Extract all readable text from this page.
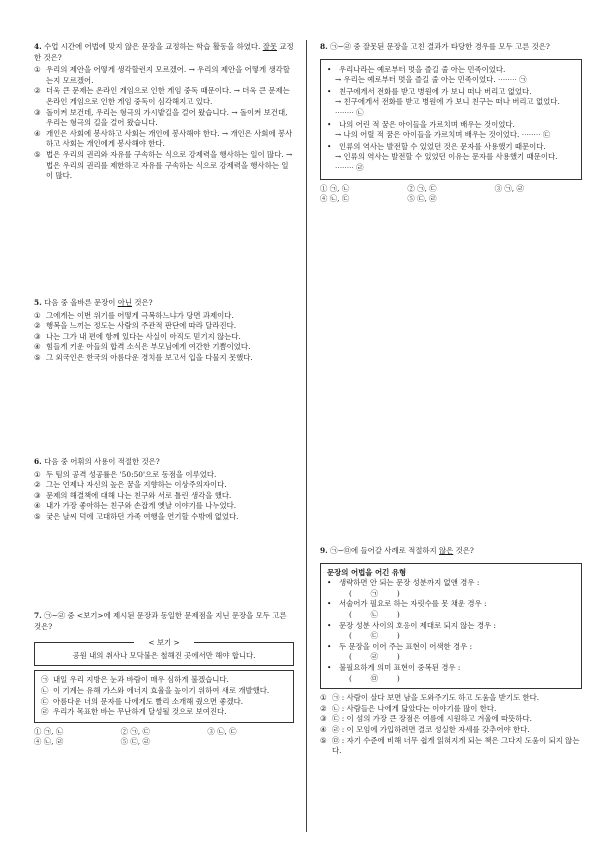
4. 수업 시간에 어법에 맞지 않은 문장을 교정하는 학습 활동을 하였다. 잘못 교정한 것은?

① 우리의 제안을 어떻게 생각할런지 모르겠어. → 우리의 제안을 어떻게 생각할는지 모르겠어.
② 더욱 큰 문제는 온라인 게임으로 인한 게임 중독 때문이다. → 더욱 큰 문제는 온라인 게임으로 인한 게임 중독이 심각해지고 있다.
③ 돌이켜 보건데, 우리는 형극의 가시밭길을 걸어 왔습니다. → 돌이켜 보건대, 우리는 형극의 길을 걸어 왔습니다.
④ 개인은 사회에 봉사하고 사회는 개인에 봉사해야 한다. → 개인은 사회에 봉사하고 사회는 개인에게 봉사해야 한다.
⑤ 법은 우리의 권리와 자유를 구속하는 식으로 강제력을 행사하는 일이 많다. → 법은 우리의 권리를 제한하고 자유를 구속하는 식으로 강제력을 행사하는 일이 많다.

5. 다음 중 올바른 문장이 아닌 것은?

① 그에게는 이번 위기를 어떻게 극복하느냐가 당면 과제이다.
② 행복을 느끼는 정도는 사람의 주관적 판단에 따라 달라진다.
③ 나는 그가 내 편에 항께 있다는 사실이 아직도 믿기지 않는다.
④ 힘들게 키운 아들의 합격 소식은 부모님에게 여간한 기쁨이었다.
⑤ 그 외국인은 한국의 아름다운 경치를 보고서 입을 다물지 못했다.

6. 다음 중 어휘의 사용이 적절한 것은?

① 두 팀의 공격 성공률은 '50:50'으로 동점을 이루었다.
② 그는 언제나 자신의 높은 꿈을 지향하는 이상주의자이다.
③ 문제의 해결책에 대해 나는 친구와 서로 틀린 생각을 했다.
④ 내가 가장 좋아하는 친구와 손잡게 옛날 이야기를 나누었다.
⑤ 궂은 날씨 덕에 고대하던 가족 여행을 연기할 수밖에 없었다.

7. ㉠~㉣ 중 <보기>에 제시된 문장과 동일한 문제점을 지닌 문장을 모두 고른 것은?

< 보기 >
공원 내의 취사나 모닥불은 철해진 곳에서만 해야 합니다.
㉠ 내일 우리 지방은 눈과 바람이 매우 심하게 불겠습니다.
㉡ 이 기계는 유해 가스와 에너지 효율을 높이기 위하여 새로 개발했다.
㉢ 아름다운 너의 문자를 나에게도 빨리 소개해 줬으면 좋겠다.
㉣ 우리가 목표한 바는 무난하게 달성될 것으로 보여진다.
① ㉠, ㉡	② ㉠, ㉢	③ ㉡, ㉢
④ ㉡, ㉣	⑤ ㉢, ㉣

8. ㉠~㉣ 중 잘못된 문장을 고친 결과가 타당한 경우를 모두 고른 것은?

•	우리나라는 예로부터 멋을 즐길 줄 아는 민족이었다.
→ 우리는 예로부터 멋을 즐길 줄 아는 민족이었다. ········ ㉠
•	친구에게서 전화를 받고 병원에 가 보니 떠나 버리고 없었다.
→ 친구에게서 전화를 받고 병원에 가 보니 친구는 떠나 버리고 없었다. ········ ㉡
•	나의 어린 적 꿈은 아이들을 가르치며 배우는 것이었다.
→ 나의 어릴 적 꿈은 아이들을 가르치며 배우는 것이었다. ········ ㉢
•	인류의 역사는 발전할 수 있었던 것은 문자를 사용했기 때문이다.
→ 인류의 역사는 발전할 수 있었던 이유는 문자를 사용했기 때문이다. ········ ㉣
① ㉠, ㉡	② ㉠, ㉢	③ ㉠, ㉣
④ ㉡, ㉢	⑤ ㉢, ㉣

9. ㉠~㉤에 들어갈 사례로 적절하지 않은 것은?

문장의 어법을 어긴 유형
•	생략하면 안 되는 문장 성분까지 없앤 경우 :
(        ㉠        )
•	서술어가 필요로 하는 자릿수를 못 채운 경우 :
(        ㉡        )
•	문장 성분 사이의 호응이 제대로 되지 않는 경우 :
(        ㉢        )
•	두 문장을 이어 주는 표현이 어색한 경우 :
(        ㉣        )
•	불필요하게 의미 표현이 중복된 경우 :
(        ㉤        )
① ㉠ : 사람이 살다 보면 남을 도와주기도 하고 도움을 받기도 한다.
② ㉡ : 사람들은 나에게 닮았다는 이야기를 많이 한다.
③ ㉢ : 이 섬의 가장 큰 장점은 여름에 시원하고 겨울에 따뜻하다.
④ ㉣ : 이 모임에 가입하려면 결코 성실한 자세를 갖추어야 한다.
⑤ ㉤ : 자기 수준에 비해 너무 쉽게 읽혀지게 되는 책은 그다지 도움이 되지 않는다.
